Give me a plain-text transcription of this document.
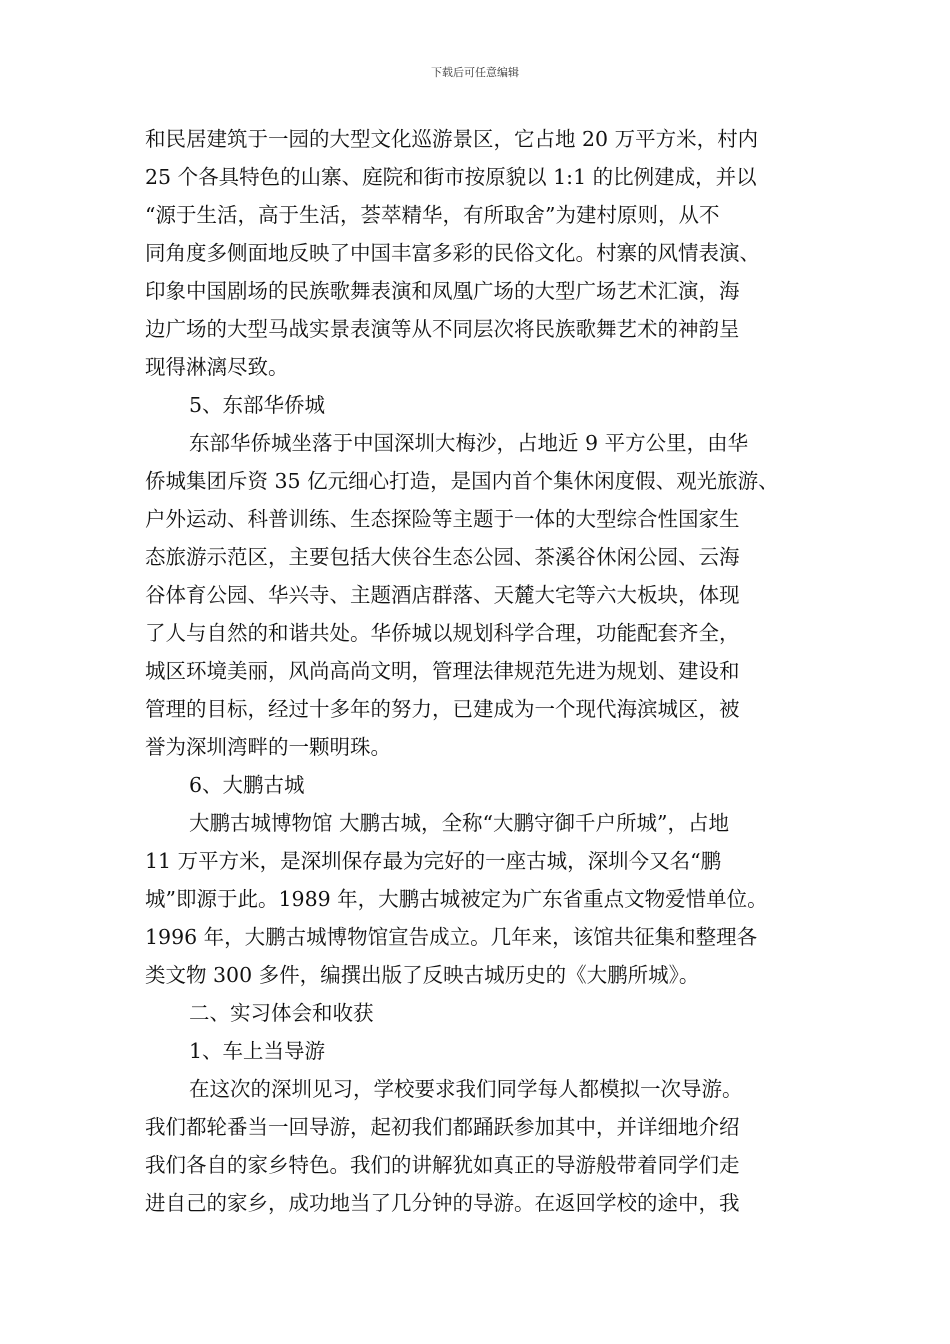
下载后可任意编辑
和民居建筑于一园的大型文化巡游景区，它占地 20 万平方米，村内
25 个各具特色的山寨、庭院和街市按原貌以 1:1 的比例建成，并以
“源于生活，高于生活，荟萃精华，有所取舍”为建村原则，从不
同角度多侧面地反映了中国丰富多彩的民俗文化。村寨的风情表演、
印象中国剧场的民族歌舞表演和凤凰广场的大型广场艺术汇演，海
边广场的大型马战实景表演等从不同层次将民族歌舞艺术的神韵呈
现得淋漓尽致。
5、东部华侨城
东部华侨城坐落于中国深圳大梅沙，占地近 9 平方公里，由华
侨城集团斥资 35 亿元细心打造，是国内首个集休闲度假、观光旅游、
户外运动、科普训练、生态探险等主题于一体的大型综合性国家生
态旅游示范区，主要包括大侠谷生态公园、茶溪谷休闲公园、云海
谷体育公园、华兴寺、主题酒店群落、天麓大宅等六大板块，体现
了人与自然的和谐共处。华侨城以规划科学合理，功能配套齐全，
城区环境美丽，风尚高尚文明，管理法律规范先进为规划、建设和
管理的目标，经过十多年的努力，已建成为一个现代海滨城区，被
誉为深圳湾畔的一颗明珠。
6、大鹏古城
大鹏古城博物馆 大鹏古城，全称“大鹏守御千户所城”，占地
11 万平方米，是深圳保存最为完好的一座古城，深圳今又名“鹏
城”即源于此。1989 年，大鹏古城被定为广东省重点文物爱惜单位。
1996 年，大鹏古城博物馆宣告成立。几年来，该馆共征集和整理各
类文物 300 多件，编撰出版了反映古城历史的《大鹏所城》。
二、实习体会和收获
1、车上当导游
在这次的深圳见习，学校要求我们同学每人都模拟一次导游。
我们都轮番当一回导游，起初我们都踊跃参加其中，并详细地介绍
我们各自的家乡特色。我们的讲解犹如真正的导游般带着同学们走
进自己的家乡，成功地当了几分钟的导游。在返回学校的途中，我
